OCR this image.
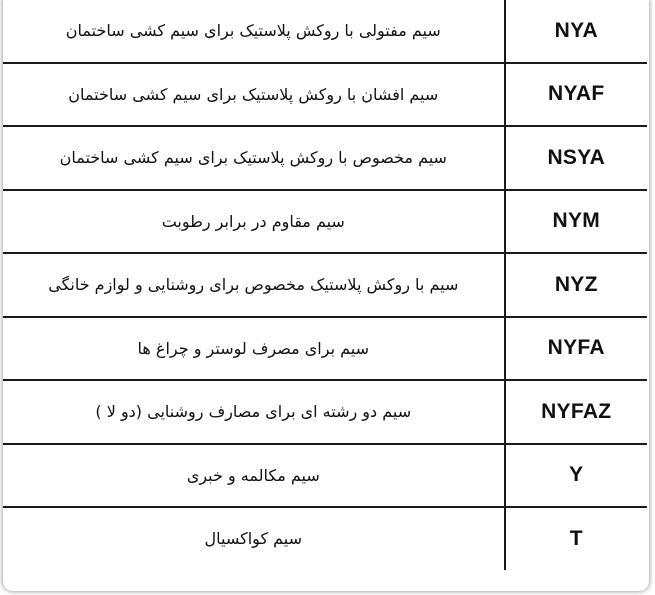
سیم مفتولی با روکش پلاستیک برای سیم کشی ساختمان	NYA
سیم افشان با روکش پلاستیک برای سیم کشی ساختمان	NYAF
سیم مخصوص با روکش پلاستیک برای سیم کشی ساختمان	NSYA
سیم مقاوم در برابر رطوبت	NYM
سیم با روکش پلاستیک مخصوص برای روشنایی و لوازم خانگی	NYZ
سیم برای مصرف لوستر و چراغ ها	NYFA
سیم دو رشته ای برای مصارف روشنایی (دو لا )	NYFAZ
سیم مکالمه و خبری	Y
سیم کواکسیال	T
